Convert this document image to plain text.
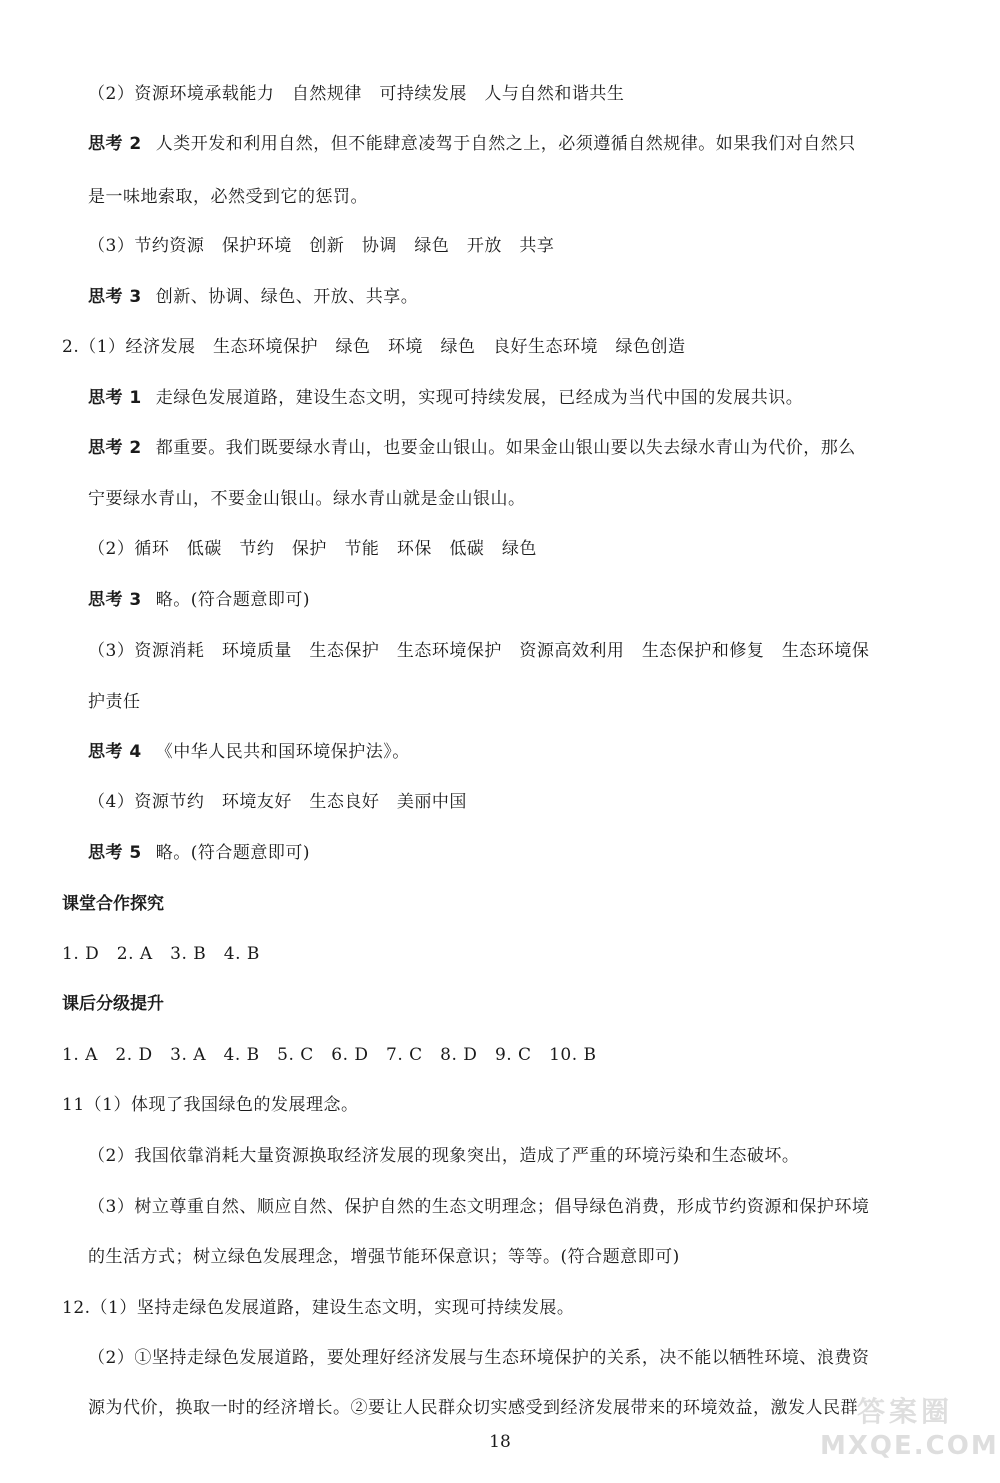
（2）资源环境承载能力　自然规律　可持续发展　人与自然和谐共生
思考 2 人类开发和利用自然，但不能肆意凌驾于自然之上，必须遵循自然规律。如果我们对自然只
是一味地索取，必然受到它的惩罚。
（3）节约资源　保护环境　创新　协调　绿色　开放　共享
思考 3 创新、协调、绿色、开放、共享。
2.（1）经济发展　生态环境保护　绿色　环境　绿色　良好生态环境　绿色创造
思考 1 走绿色发展道路，建设生态文明，实现可持续发展，已经成为当代中国的发展共识。
思考 2 都重要。我们既要绿水青山，也要金山银山。如果金山银山要以失去绿水青山为代价，那么
宁要绿水青山，不要金山银山。绿水青山就是金山银山。
（2）循环　低碳　节约　保护　节能　环保　低碳　绿色
思考 3 略。(符合题意即可)
（3）资源消耗　环境质量　生态保护　生态环境保护　资源高效利用　生态保护和修复　生态环境保
护责任
思考 4 《中华人民共和国环境保护法》。
（4）资源节约　环境友好　生态良好　美丽中国
思考 5 略。(符合题意即可)
课堂合作探究
1. D　2. A　3. B　4. B
课后分级提升
1. A　2. D　3. A　4. B　5. C　6. D　7. C　8. D　9. C　10. B
11（1）体现了我国绿色的发展理念。
（2）我国依靠消耗大量资源换取经济发展的现象突出，造成了严重的环境污染和生态破坏。
（3）树立尊重自然、顺应自然、保护自然的生态文明理念；倡导绿色消费，形成节约资源和保护环境
的生活方式；树立绿色发展理念，增强节能环保意识；等等。(符合题意即可)
12.（1）坚持走绿色发展道路，建设生态文明，实现可持续发展。
（2）①坚持走绿色发展道路，要处理好经济发展与生态环境保护的关系，决不能以牺牲环境、浪费资
源为代价，换取一时的经济增长。②要让人民群众切实感受到经济发展带来的环境效益，激发人民群
18
答案圈
MXQE.COM
